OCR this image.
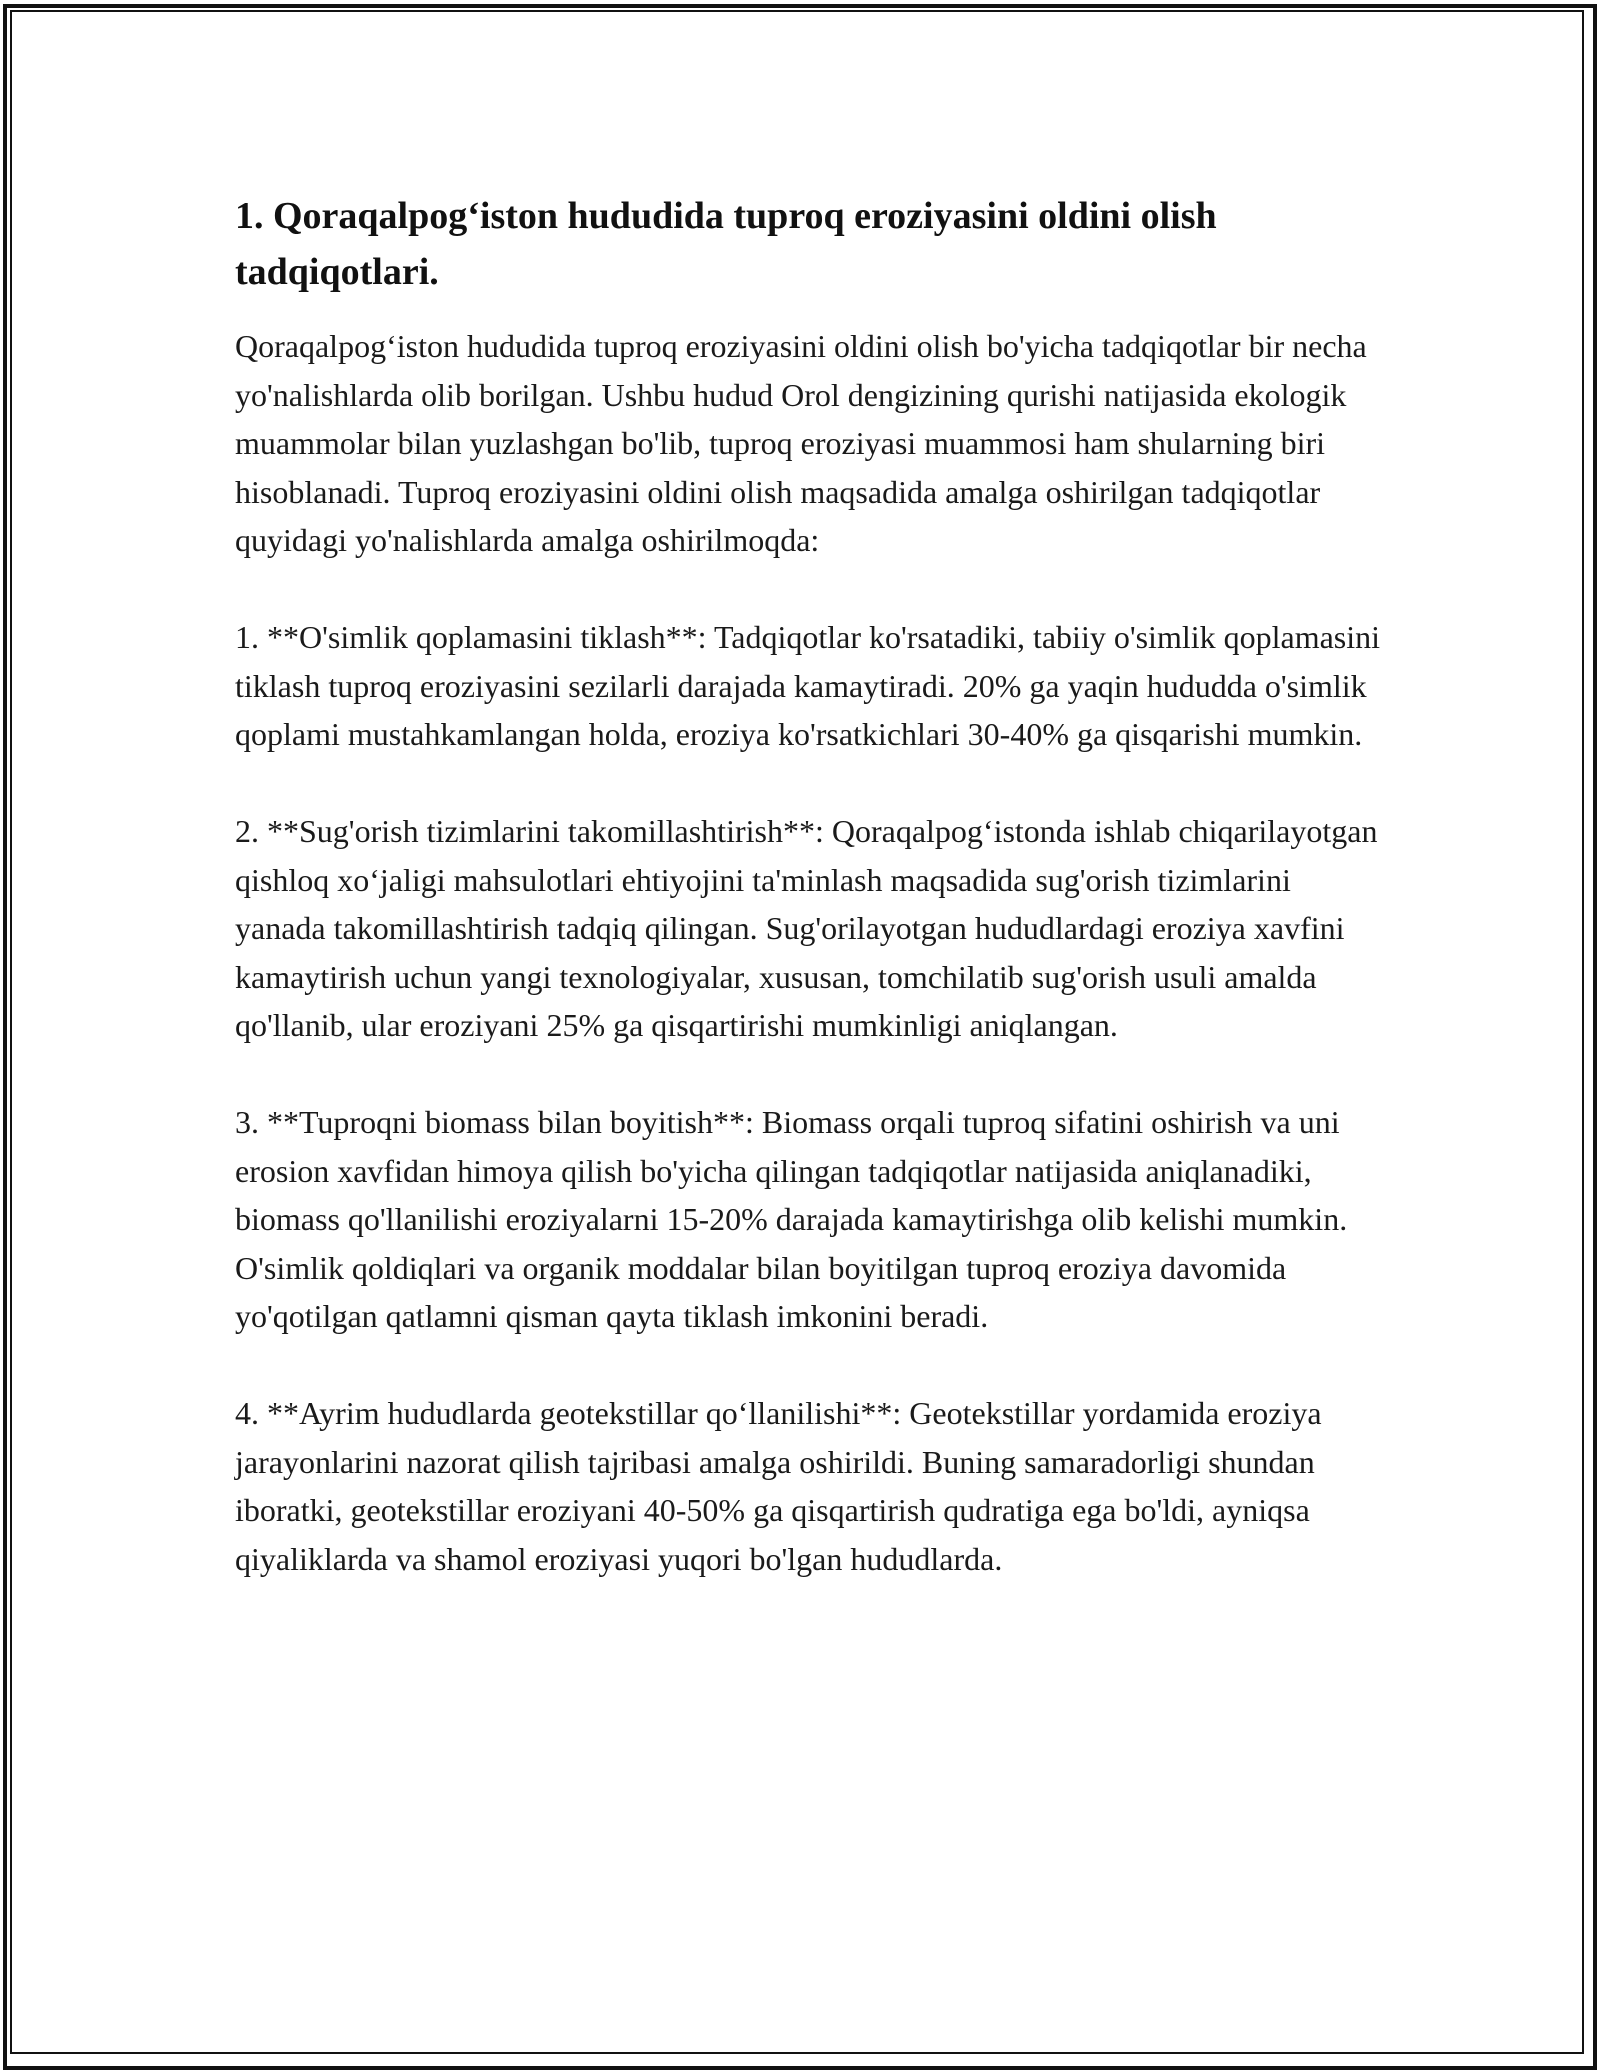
1. Qoraqalpog‘iston hududida tuproq eroziyasini oldini olish tadqiqotlari.

Qoraqalpog‘iston hududida tuproq eroziyasini oldini olish bo'yicha tadqiqotlar bir necha yo'nalishlarda olib borilgan. Ushbu hudud Orol dengizining qurishi natijasida ekologik muammolar bilan yuzlashgan bo'lib, tuproq eroziyasi muammosi ham shularning biri hisoblanadi. Tuproq eroziyasini oldini olish maqsadida amalga oshirilgan tadqiqotlar quyidagi yo'nalishlarda amalga oshirilmoqda:

1. **O'simlik qoplamasini tiklash**: Tadqiqotlar ko'rsatadiki, tabiiy o'simlik qoplamasini tiklash tuproq eroziyasini sezilarli darajada kamaytiradi. 20% ga yaqin hududda o'simlik qoplami mustahkamlangan holda, eroziya ko'rsatkichlari 30-40% ga qisqarishi mumkin.

2. **Sug'orish tizimlarini takomillashtirish**: Qoraqalpog‘istonda ishlab chiqarilayotgan qishloq xo‘jaligi mahsulotlari ehtiyojini ta'minlash maqsadida sug'orish tizimlarini yanada takomillashtirish tadqiq qilingan. Sug'orilayotgan hududlardagi eroziya xavfini kamaytirish uchun yangi texnologiyalar, xususan, tomchilatib sug'orish usuli amalda qo'llanib, ular eroziyani 25% ga qisqartirishi mumkinligi aniqlangan.

3. **Tuproqni biomass bilan boyitish**: Biomass orqali tuproq sifatini oshirish va uni erosion xavfidan himoya qilish bo'yicha qilingan tadqiqotlar natijasida aniqlanadiki, biomass qo'llanilishi eroziyalarni 15-20% darajada kamaytirishga olib kelishi mumkin. O'simlik qoldiqlari va organik moddalar bilan boyitilgan tuproq eroziya davomida yo'qotilgan qatlamni qisman qayta tiklash imkonini beradi.

4. **Ayrim hududlarda geotekstillar qo‘llanilishi**: Geotekstillar yordamida eroziya jarayonlarini nazorat qilish tajribasi amalga oshirildi. Buning samaradorligi shundan iboratki, geotekstillar eroziyani 40-50% ga qisqartirish qudratiga ega bo'ldi, ayniqsa qiyaliklarda va shamol eroziyasi yuqori bo'lgan hududlarda.
